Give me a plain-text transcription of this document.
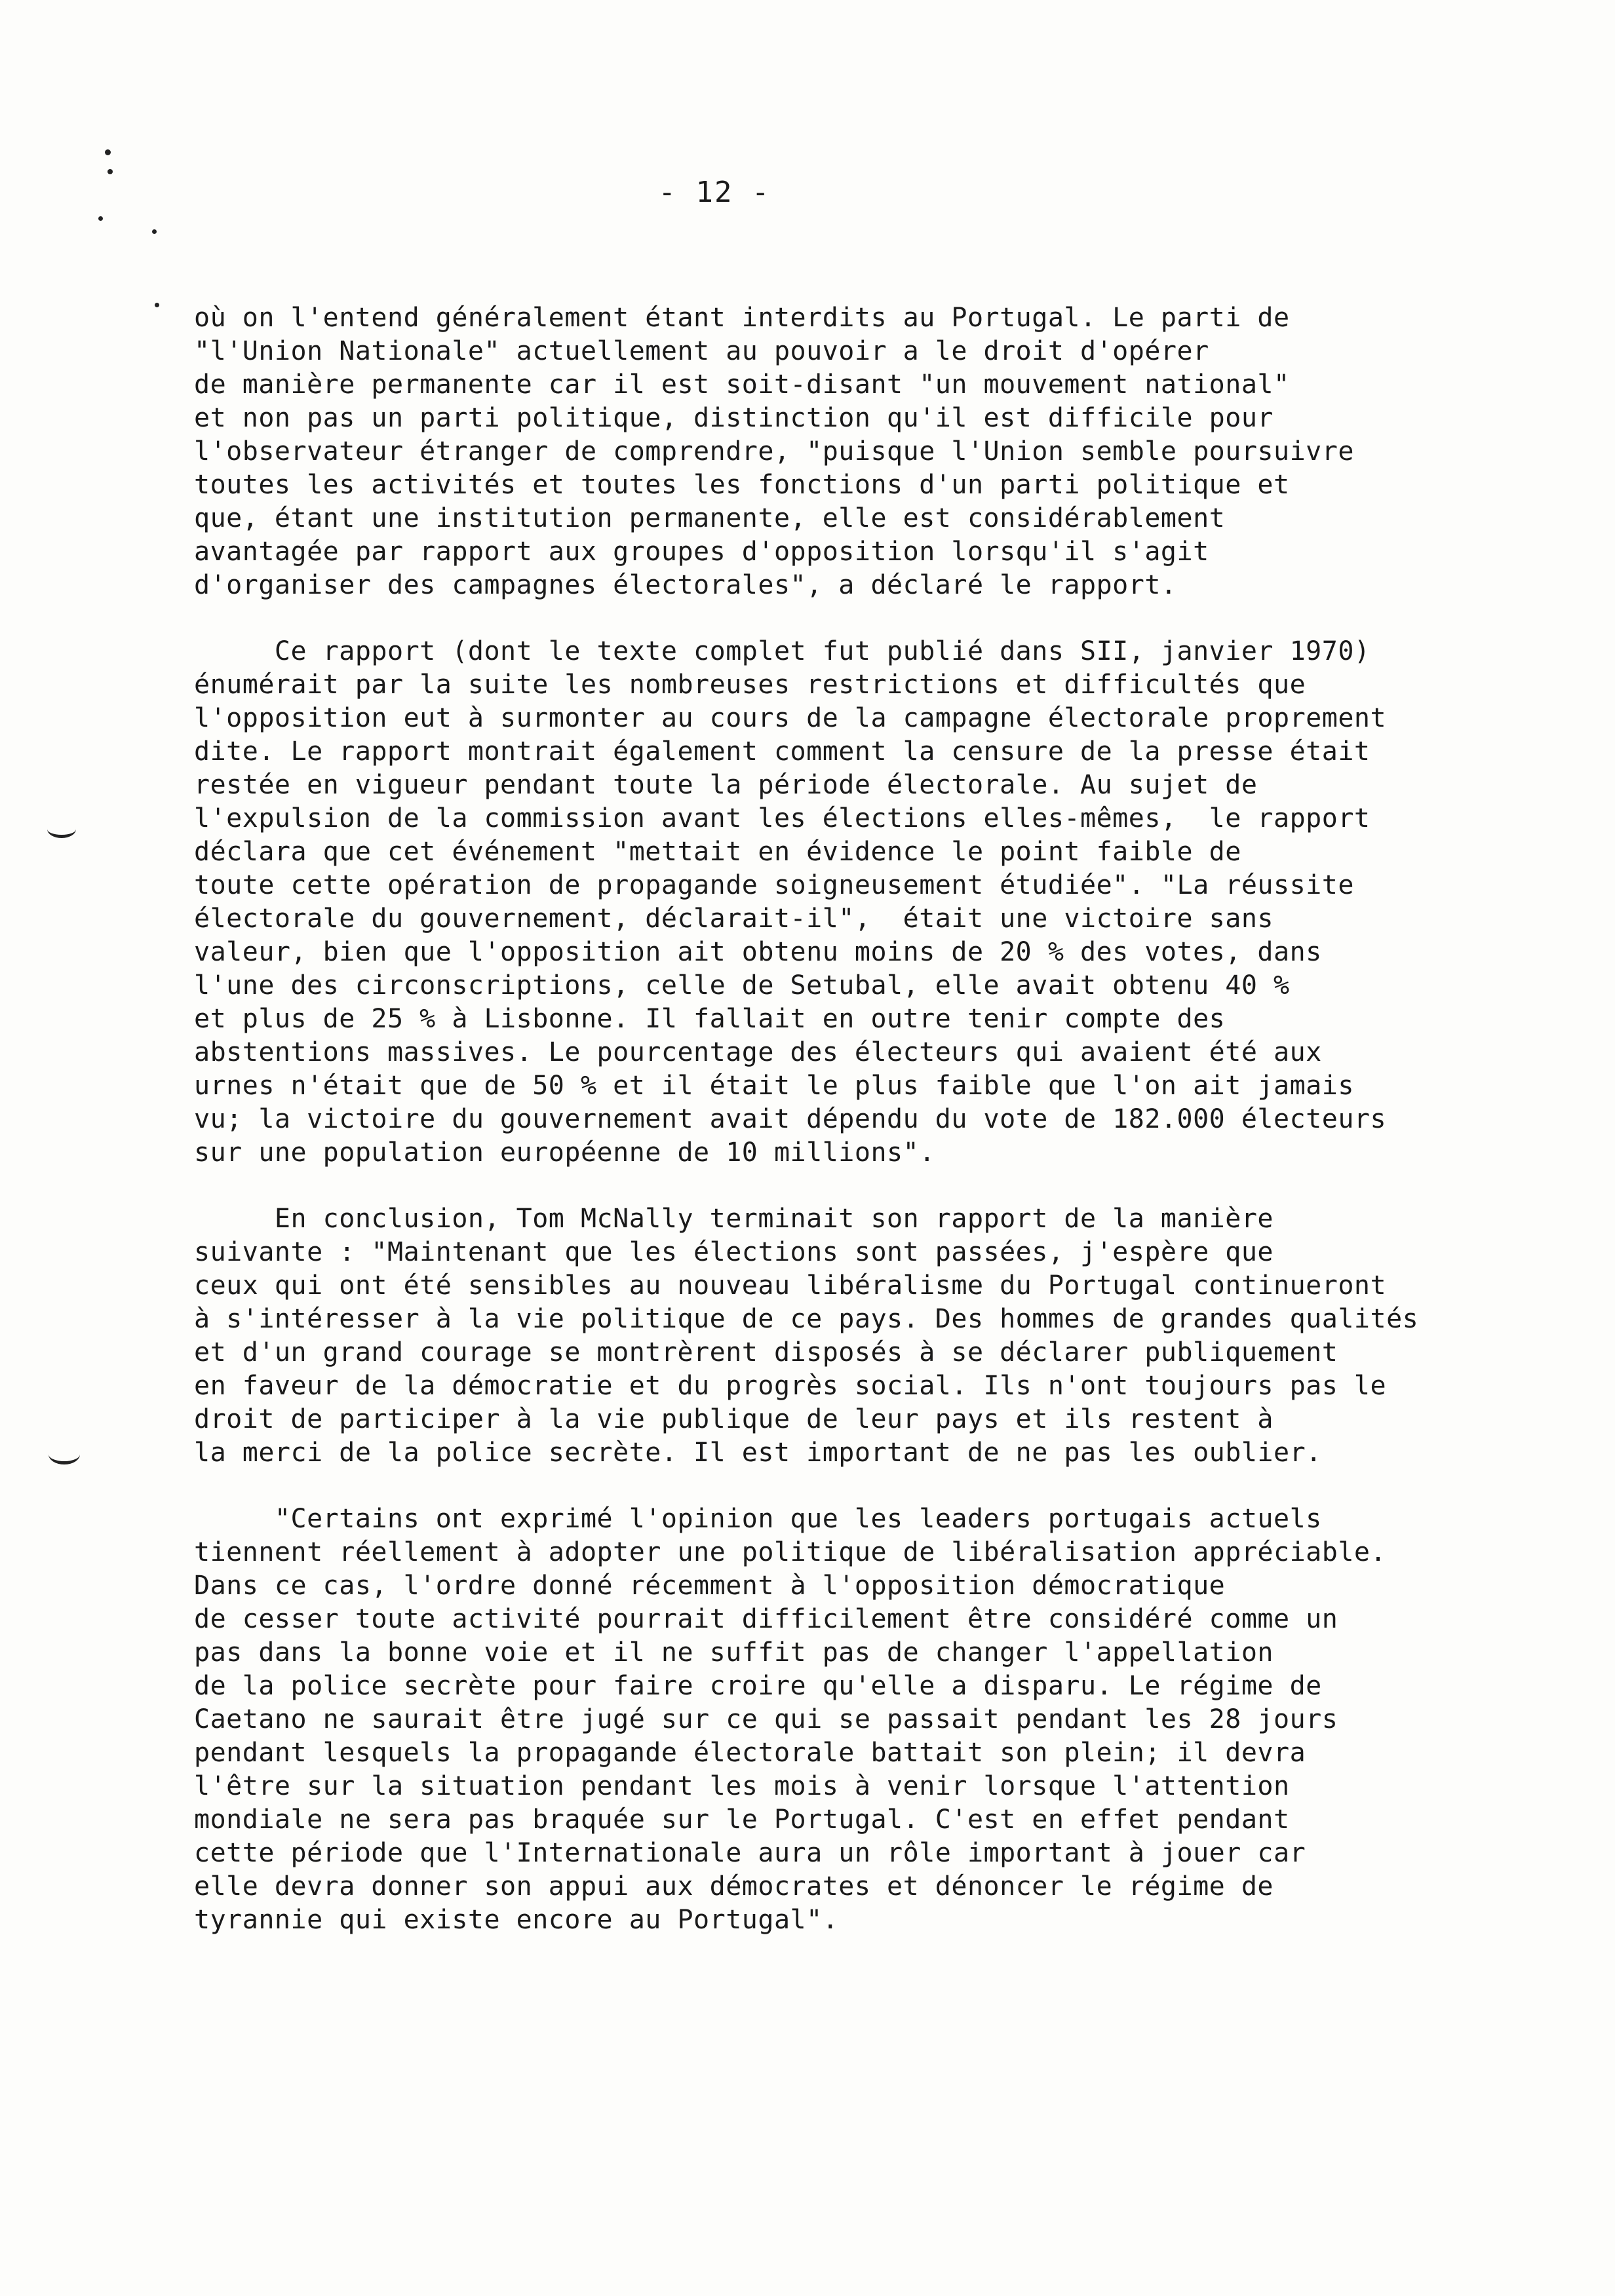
- 12 -
où on l'entend généralement étant interdits au Portugal. Le parti de
"l'Union Nationale" actuellement au pouvoir a le droit d'opérer
de manière permanente car il est soit-disant "un mouvement national"
et non pas un parti politique, distinction qu'il est difficile pour
l'observateur étranger de comprendre, "puisque l'Union semble poursuivre
toutes les activités et toutes les fonctions d'un parti politique et
que, étant une institution permanente, elle est considérablement
avantagée par rapport aux groupes d'opposition lorsqu'il s'agit
d'organiser des campagnes électorales", a déclaré le rapport.
Ce rapport (dont le texte complet fut publié dans SII, janvier 1970)
énumérait par la suite les nombreuses restrictions et difficultés que
l'opposition eut à surmonter au cours de la campagne électorale proprement
dite. Le rapport montrait également comment la censure de la presse était
restée en vigueur pendant toute la période électorale. Au sujet de
l'expulsion de la commission avant les élections elles-mêmes,  le rapport
déclara que cet événement "mettait en évidence le point faible de
toute cette opération de propagande soigneusement étudiée". "La réussite
électorale du gouvernement, déclarait-il",  était une victoire sans
valeur, bien que l'opposition ait obtenu moins de 20 % des votes, dans
l'une des circonscriptions, celle de Setubal, elle avait obtenu 40 %
et plus de 25 % à Lisbonne. Il fallait en outre tenir compte des
abstentions massives. Le pourcentage des électeurs qui avaient été aux
urnes n'était que de 50 % et il était le plus faible que l'on ait jamais
vu; la victoire du gouvernement avait dépendu du vote de 182.000 électeurs
sur une population européenne de 10 millions".
En conclusion, Tom McNally terminait son rapport de la manière
suivante : "Maintenant que les élections sont passées, j'espère que
ceux qui ont été sensibles au nouveau libéralisme du Portugal continueront
à s'intéresser à la vie politique de ce pays. Des hommes de grandes qualités
et d'un grand courage se montrèrent disposés à se déclarer publiquement
en faveur de la démocratie et du progrès social. Ils n'ont toujours pas le
droit de participer à la vie publique de leur pays et ils restent à
la merci de la police secrète. Il est important de ne pas les oublier.
"Certains ont exprimé l'opinion que les leaders portugais actuels
tiennent réellement à adopter une politique de libéralisation appréciable.
Dans ce cas, l'ordre donné récemment à l'opposition démocratique
de cesser toute activité pourrait difficilement être considéré comme un
pas dans la bonne voie et il ne suffit pas de changer l'appellation
de la police secrète pour faire croire qu'elle a disparu. Le régime de
Caetano ne saurait être jugé sur ce qui se passait pendant les 28 jours
pendant lesquels la propagande électorale battait son plein; il devra
l'être sur la situation pendant les mois à venir lorsque l'attention
mondiale ne sera pas braquée sur le Portugal. C'est en effet pendant
cette période que l'Internationale aura un rôle important à jouer car
elle devra donner son appui aux démocrates et dénoncer le régime de
tyrannie qui existe encore au Portugal".
